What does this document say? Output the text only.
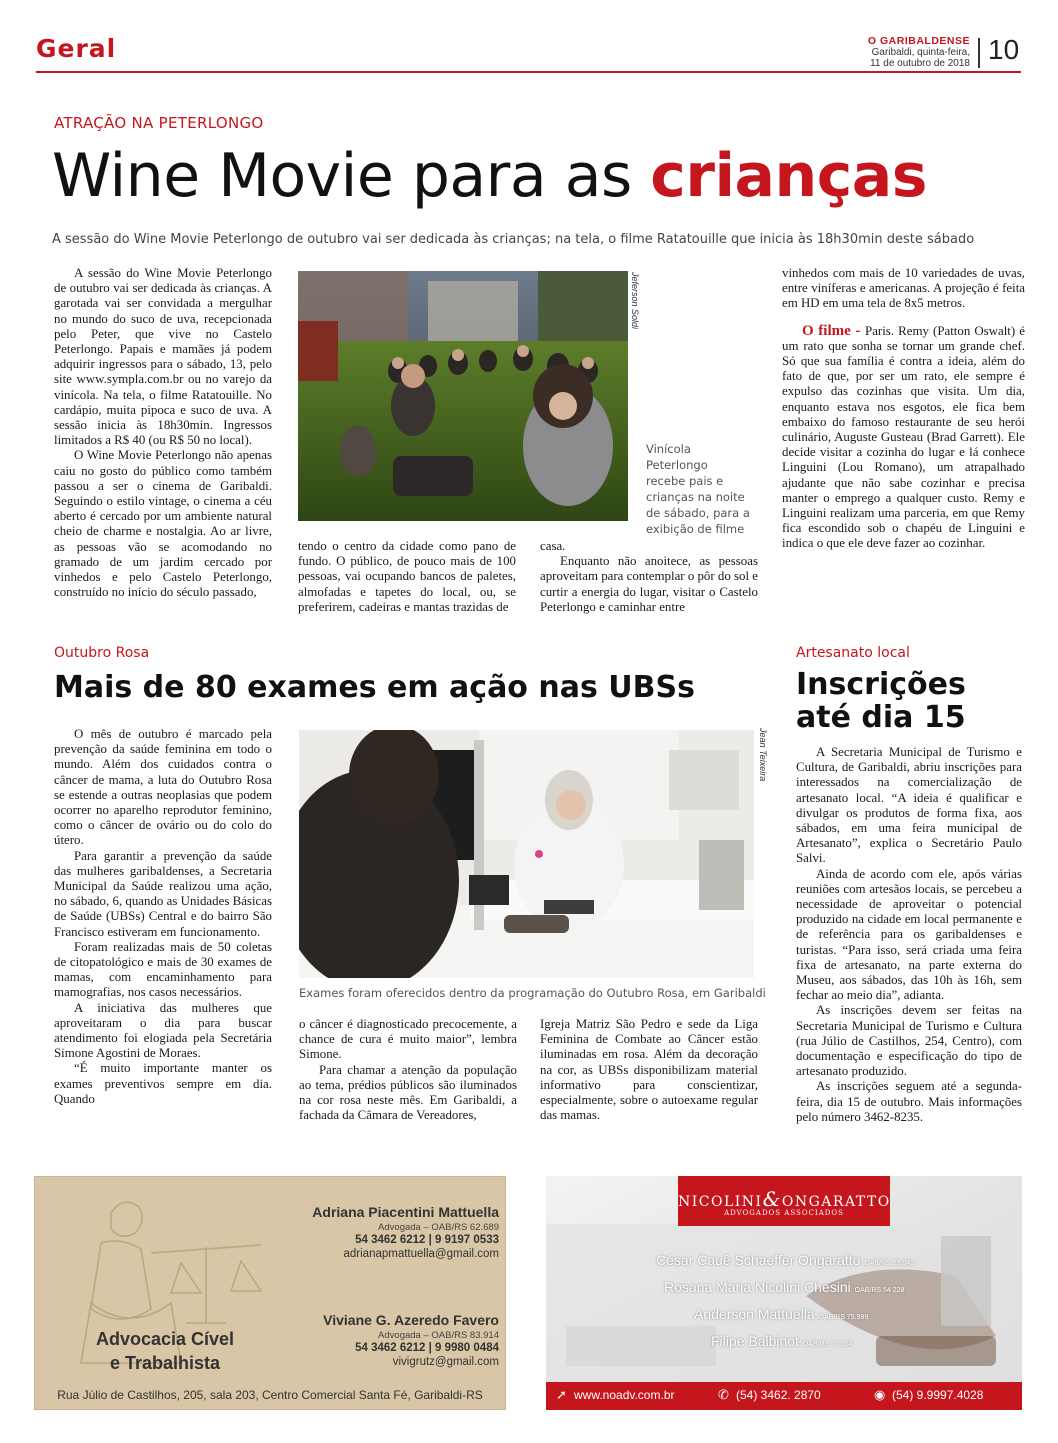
Geral	O GARIBALDENSE
Garibaldi, quinta-feira,
11 de outubro de 2018 10
ATRAÇÃO NA PETERLONGO
Wine Movie para as crianças
A sessão do Wine Movie Peterlongo de outubro vai ser dedicada às crianças; na tela, o filme Ratatouille que inicia às 18h30min deste sábado

A sessão do Wine Movie Peterlongo de outubro vai ser dedicada às crianças. A garotada vai ser convidada a mergulhar no mundo do suco de uva, recepcionada pelo Peter, que vive no Castelo Peterlongo. Papais e mamães já podem adquirir ingressos para o sábado, 13, pelo site www.sympla.com.br ou no varejo da vinícola. Na tela, o filme Ratatouille. No cardápio, muita pipoca e suco de uva. A sessão inicia às 18h30min. Ingressos limitados a R$ 40 (ou R$ 50 no local).

O Wine Movie Peterlongo não apenas caiu no gosto do público como também passou a ser o cinema de Garibaldi. Seguindo o estilo vintage, o cinema a céu aberto é cercado por um ambiente natural cheio de charme e nostalgia. Ao ar livre, as pessoas vão se acomodando no gramado de um jardim cercado por vinhedos e pelo Castelo Peterlongo, construído no início do século passado,

Jeferson Soldi
Vinícola Peterlongo recebe pais e crianças na noite de sábado, para a exibição de filme

tendo o centro da cidade como pano de fundo. O público, de pouco mais de 100 pessoas, vai ocupando bancos de paletes, almofadas e tapetes do local, ou, se preferirem, cadeiras e mantas trazidas de

casa.

Enquanto não anoitece, as pessoas aproveitam para contemplar o pôr do sol e curtir a energia do lugar, visitar o Castelo Peterlongo e caminhar entre

vinhedos com mais de 10 variedades de uvas, entre viníferas e americanas. A projeção é feita em HD em uma tela de 8x5 metros.

O filme - Paris. Remy (Patton Oswalt) é um rato que sonha se tornar um grande chef. Só que sua família é contra a ideia, além do fato de que, por ser um rato, ele sempre é expulso das cozinhas que visita. Um dia, enquanto estava nos esgotos, ele fica bem embaixo do famoso restaurante de seu herói culinário, Auguste Gusteau (Brad Garrett). Ele decide visitar a cozinha do lugar e lá conhece Linguini (Lou Romano), um atrapalhado ajudante que não sabe cozinhar e precisa manter o emprego a qualquer custo. Remy e Linguini realizam uma parceria, em que Remy fica escondido sob o chapéu de Linguini e indica o que ele deve fazer ao cozinhar.

Outubro Rosa
Mais de 80 exames em ação nas UBSs

O mês de outubro é marcado pela prevenção da saúde feminina em todo o mundo. Além dos cuidados contra o câncer de mama, a luta do Outubro Rosa se estende a outras neoplasias que podem ocorrer no aparelho reprodutor feminino, como o câncer de ovário ou do colo do útero.

Para garantir a prevenção da saúde das mulheres garibaldenses, a Secretaria Municipal da Saúde realizou uma ação, no sábado, 6, quando as Unidades Básicas de Saúde (UBSs) Central e do bairro São Francisco estiveram em funcionamento.

Foram realizadas mais de 50 coletas de citopatológico e mais de 30 exames de mamas, com encaminhamento para mamografias, nos casos necessários.

A iniciativa das mulheres que aproveitaram o dia para buscar atendimento foi elogiada pela Secretária Simone Agostini de Moraes.

“É muito importante manter os exames preventivos sempre em dia. Quando

Jean Teixeira
Exames foram oferecidos dentro da programação do Outubro Rosa, em Garibaldi

o câncer é diagnosticado precocemente, a chance de cura é muito maior”, lembra Simone.

Para chamar a atenção da população ao tema, prédios públicos são iluminados na cor rosa neste mês. Em Garibaldi, a fachada da Câmara de Vereadores,

Igreja Matriz São Pedro e sede da Liga Feminina de Combate ao Câncer estão iluminadas em rosa. Além da decoração na cor, as UBSs disponibilizam material informativo para conscientizar, especialmente, sobre o autoexame regular das mamas.

Artesanato local
Inscrições até dia 15

A Secretaria Municipal de Turismo e Cultura, de Garibaldi, abriu inscrições para interessados na comercialização de artesanato local. “A ideia é qualificar e divulgar os produtos de forma fixa, aos sábados, em uma feira municipal de Artesanato”, explica o Secretário Paulo Salvi.

Ainda de acordo com ele, após várias reuniões com artesãos locais, se percebeu a necessidade de aproveitar o potencial produzido na cidade em local permanente e de referência para os garibaldenses e turistas. “Para isso, será criada uma feira fixa de artesanato, na parte externa do Museu, aos sábados, das 10h às 16h, sem fechar ao meio dia”, adianta.

As inscrições devem ser feitas na Secretaria Municipal de Turismo e Cultura (rua Júlio de Castilhos, 254, Centro), com documentação e especificação do tipo de artesanato produzido.

As inscrições seguem até a segunda-feira, dia 15 de outubro. Mais informações pelo número 3462-8235.

Adriana Piacentini Mattuella
Advogada – OAB/RS 62.689
54 3462 6212 | 9 9197 0533
adrianapmattuella@gmail.com
Viviane G. Azeredo Favero
Advogada – OAB/RS 83.914
54 3462 6212 | 9 9980 0484
vivigrutz@gmail.com
Advocacia Cível
e Trabalhista
Rua Júlio de Castilhos, 205, sala 203, Centro Comercial Santa Fé, Garibaldi-RS
NICOLINI&ONGARATTO
ADVOGADOS ASSOCIADOS
César Cauê Schaeffer Ongaratto OAB/RS 53.943
Rosana Maria Nicolini Chesini OAB/RS 54.228
Anderson Mattuella OAB/RS 75.999
Filipe Balbinot OAB/RS 70.264
➚ www.noadv.com.br	✆ (54) 3462. 2870	◉ (54) 9.9997.4028
